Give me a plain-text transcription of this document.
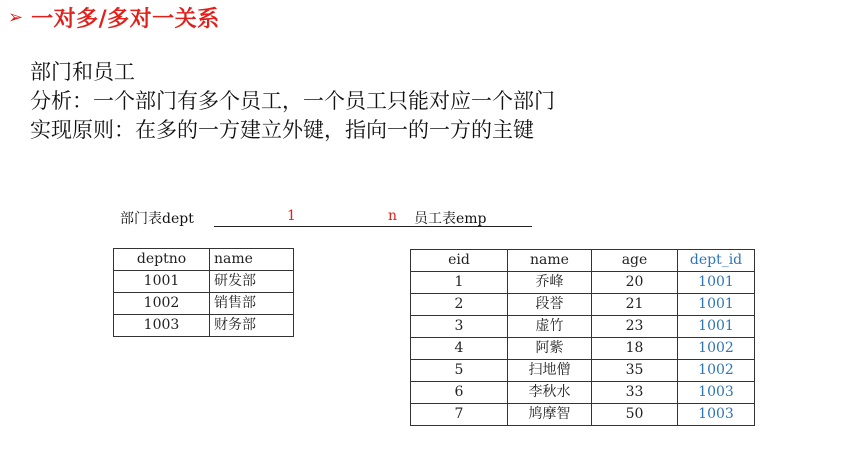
➢ 一对多/多对一关系
部门和员工
分析：一个部门有多个员工，一个员工只能对应一个部门
实现原则：在多的一方建立外键，指向一的一方的主键
部门表dept	1	n 员工表emp
deptno	name
1001	研发部
1002	销售部
1003	财务部
eid	name	age	dept_id
1	乔峰	20	1001
2	段誉	21	1001
3	虚竹	23	1001
4	阿紫	18	1002
5	扫地僧	35	1002
6	李秋水	33	1003
7	鸠摩智	50	1003
